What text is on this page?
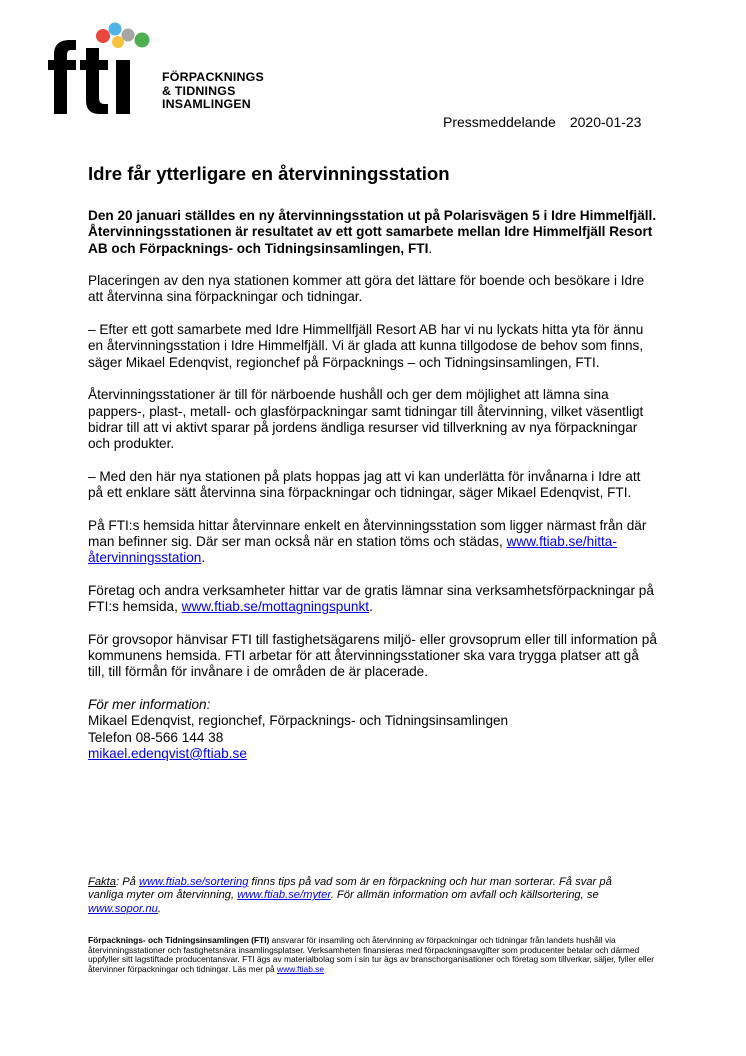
FÖRPACKNINGS
& TIDNINGS
INSAMLINGEN
Pressmeddelande 2020-01-23
Idre får ytterligare en återvinningsstation

Den 20 januari ställdes en ny återvinningsstation ut på Polarisvägen 5 i Idre Himmelfjäll. Återvinningsstationen är resultatet av ett gott samarbete mellan Idre Himmelfjäll Resort AB och Förpacknings- och Tidningsinsamlingen, FTI.

Placeringen av den nya stationen kommer att göra det lättare för boende och besökare i Idre att återvinna sina förpackningar och tidningar.

– Efter ett gott samarbete med Idre Himmellfjäll Resort AB har vi nu lyckats hitta yta för ännu en återvinningsstation i Idre Himmelfjäll. Vi är glada att kunna tillgodose de behov som finns, säger Mikael Edenqvist, regionchef på Förpacknings – och Tidningsinsamlingen, FTI.

Återvinningsstationer är till för närboende hushåll och ger dem möjlighet att lämna sina pappers-, plast-, metall- och glasförpackningar samt tidningar till återvinning, vilket väsentligt bidrar till att vi aktivt sparar på jordens ändliga resurser vid tillverkning av nya förpackningar och produkter.

– Med den här nya stationen på plats hoppas jag att vi kan underlätta för invånarna i Idre att på ett enklare sätt återvinna sina förpackningar och tidningar, säger Mikael Edenqvist, FTI.

På FTI:s hemsida hittar återvinnare enkelt en återvinningsstation som ligger närmast från där man befinner sig. Där ser man också när en station töms och städas, www.ftiab.se/hitta-återvinningsstation.

Företag och andra verksamheter hittar var de gratis lämnar sina verksamhetsförpackningar på FTI:s hemsida, www.ftiab.se/mottagningspunkt.

För grovsopor hänvisar FTI till fastighetsägarens miljö- eller grovsoprum eller till information på kommunens hemsida. FTI arbetar för att återvinningsstationer ska vara trygga platser att gå till, till förmån för invånare i de områden de är placerade.

För mer information:
Mikael Edenqvist, regionchef, Förpacknings- och Tidningsinsamlingen
Telefon 08-566 144 38
mikael.edenqvist@ftiab.se
Fakta: På www.ftiab.se/sortering finns tips på vad som är en förpackning och hur man sorterar. Få svar på vanliga myter om återvinning, www.ftiab.se/myter. För allmän information om avfall och källsortering, se www.sopor.nu.
Förpacknings- och Tidningsinsamlingen (FTI) ansvarar för insamling och återvinning av förpackningar och tidningar från landets hushåll via återvinningsstationer och fastighetsnära insamlingsplatser. Verksamheten finansieras med förpackningsavgifter som producenter betalar och därmed uppfyller sitt lagstiftade producentansvar. FTI ägs av materialbolag som i sin tur ägs av branschorganisationer och företag som tillverkar, säljer, fyller eller återvinner förpackningar och tidningar. Läs mer på www.ftiab.se
